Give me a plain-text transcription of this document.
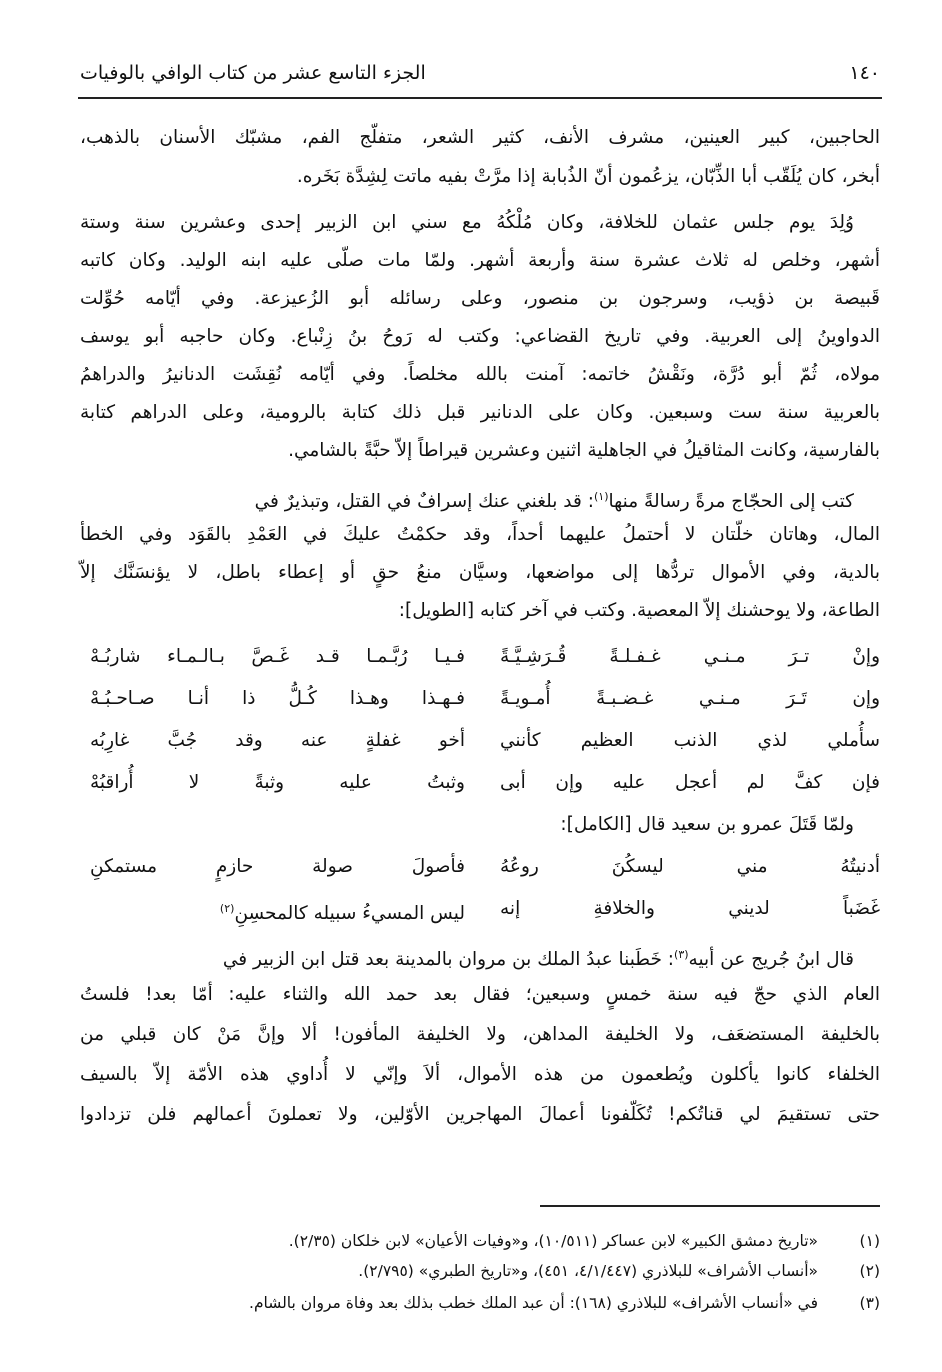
١٤٠
الجزء التاسع عشر من كتاب الوافي بالوفيات
الحاجبين، كبير العينين، مشرف الأنف، كثير الشعر، متفلّج الفم، مشبّك الأسنان بالذهب،
أبخر، كان يُلَقّب أبا الذِّبّان، يزعُمون أنّ الذُبابة إذا مرَّتْ بفيه ماتت لِشِدَّة بَخَره.
وُلِدَ يوم جلس عثمان للخلافة، وكان مُلْكُهُ مع سني ابن الزبير إحدى وعشرين سنة وستة
أشهر، وخلص له ثلاث عشرة سنة وأربعة أشهر. ولمّا مات صلّى عليه ابنه الوليد. وكان كاتبه
قَبيصة بن ذؤيب، وسرجون بن منصور، وعلى رسائله أبو الزُعيزعة. وفي أيّامه حُوِّلت
الدواوينُ إلى العربية. وفي تاريخ القضاعي: وكتب له رَوحُ بنُ زِنْباع. وكان حاجبه أبو يوسف
مولاه، ثُمّ أبو دُرَّة، ونَقْشُ خاتمه: آمنت بالله مخلصاً. وفي أيّامه نُقِشَت الدنانيرُ والدراهمُ
بالعربية سنة ست وسبعين. وكان على الدنانير قبل ذلك كتابة بالرومية، وعلى الدراهم كتابة
بالفارسية، وكانت المثاقيلُ في الجاهلية اثنين وعشرين قيراطاً إلاّ حبَّةً بالشامي.
كتب إلى الحجّاج مرةً رسالةً منها$^{(١)}$: قد بلغني عنك إسرافٌ في القتل، وتبذيرٌ في
المال، وهاتان خلّتان لا أحتملُ عليهما أحداً، وقد حكمْتُ عليكَ في العَمْدِ بالقَوَد وفي الخطأ
بالدية، وفي الأموال تردُّها إلى مواضعها، وسيَّان منعُ حقٍ أو إعطاء باطل، لا يؤنسَنَّك إلاّ
الطاعة، ولا يوحشنك إلاّ المعصية. وكتب في آخر كتابه [الطويل]:
وإنْ تـرَ مـنـي غـفـلـةً قُـرَشِـيَّـةً
فـيـا رُبَّـمـا قـد غَـصَّ بـالـمـاء شاربُـهْ
وإن تَـرَ مـنـي غـضـبـةً أُمـويـةً
فـهـذا وهـذا كُـلُّ ذا أنـا صـاحـبُـهْ
سأُملي لذي الذنب العظيم كأنني
أخو غفلةٍ عنه وقد جُبَّ غارِبُه
فإن كفَّ لم أعجل عليه وإن أبى
وثبتُ عليه وثبةً لا أُراقبُهْ
ولمّا قَتَلَ عمرو بن سعيد قال [الكامل]:
أدنيتُهُ مني ليسكُنَ روعُهُ
فأصولَ صولة حازمٍ مستمكنِ
غَضَباً لديني والخلافةِ إنه
ليس المسيءُ سبيله كالمحسِنِ$^{(٢)}$
قال ابنُ جُريج عن أبيه$^{(٣)}$: خَطَبنا عبدُ الملك بن مروان بالمدينة بعد قتل ابن الزبير في
العام الذي حجّ فيه سنة خمسٍ وسبعين؛ فقال بعد حمد الله والثناء عليه: أمّا بعد! فلستُ
بالخليفة المستضعَف، ولا الخليفة المداهن، ولا الخليفة المأفون! ألا وإنَّ مَنْ كان قبلي من
الخلفاء كانوا يأكلون ويُطعمون من هذه الأموال، ألاَ وإنّي لا أُداوي هذه الأمّة إلاّ بالسيف
حتى تستقيمَ لي قناتُكم! تُكَلّفونا أعمالَ المهاجرين الأوّلين، ولا تعملونَ أعمالهم فلن تزدادوا
(١)«تاريخ دمشق الكبير» لابن عساكر (١٠/٥١١)، و«وفيات الأعيان» لابن خلكان (٢/٣٥).
(٢)«أنساب الأشراف» للبلاذري (٤/١/٤٤٧، ٤٥١)، و«تاريخ الطبري» (٢/٧٩٥).
(٣)في «أنساب الأشراف» للبلاذري (١٦٨): أن عبد الملك خطب بذلك بعد وفاة مروان بالشام.
